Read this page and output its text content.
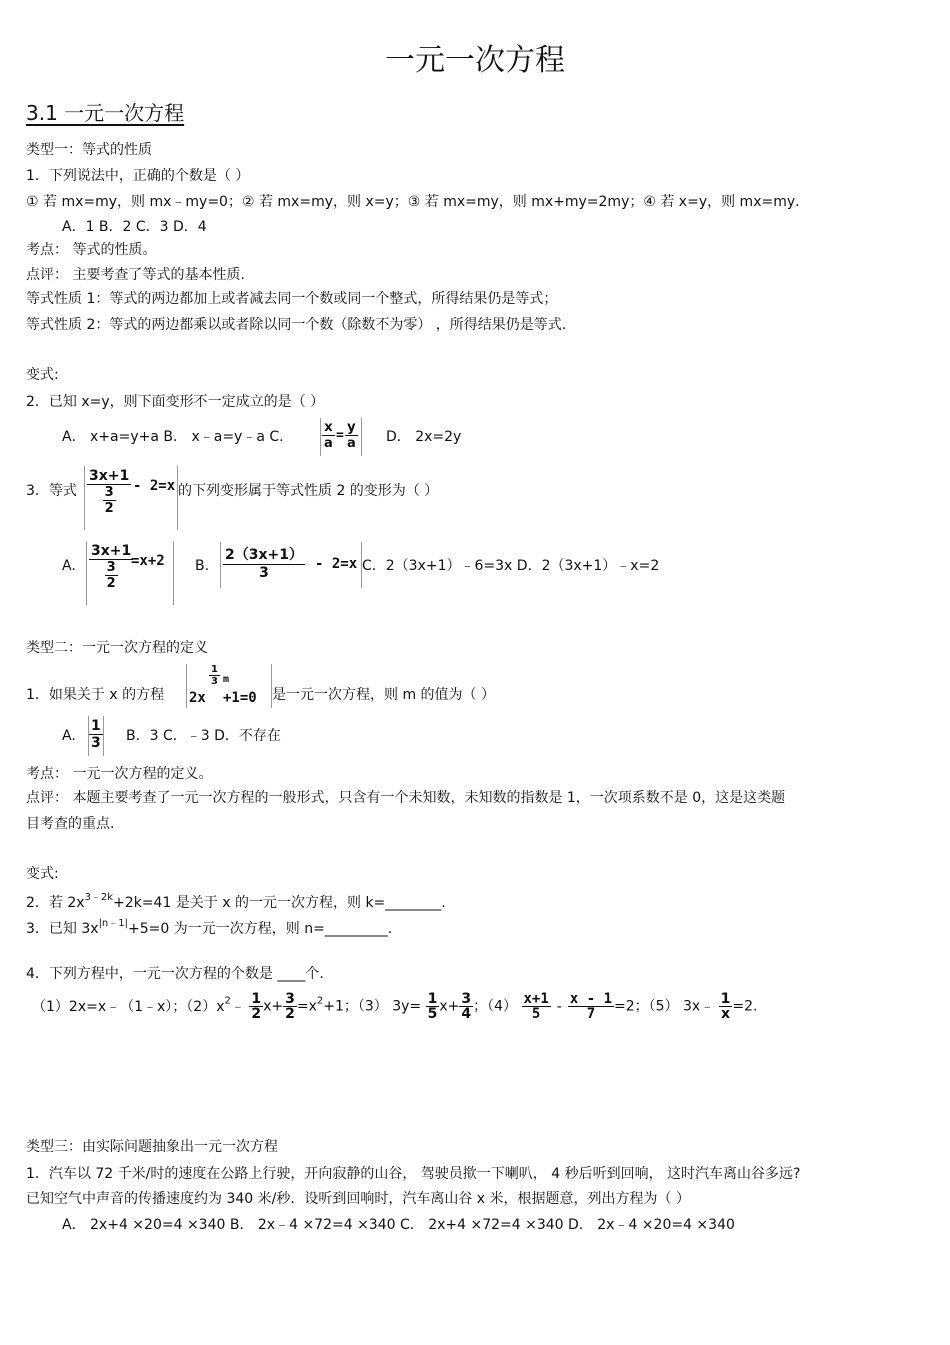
一元一次方程
3.1 一元一次方程
类型一：等式的性质
1．下列说法中，正确的个数是（ ）
① 若 mx=my，则 mx﹣my=0；② 若 mx=my，则 x=y；③ 若 mx=my，则 mx+my=2my；④ 若 x=y，则 mx=my．
A．1 B．2 C．3 D．4
考点： 等式的性质。
点评： 主要考查了等式的基本性质.
等式性质 1：等式的两边都加上或者减去同一个数或同一个整式，所得结果仍是等式；
等式性质 2：等式的两边都乘以或者除以同一个数（除数不为零） ，所得结果仍是等式.
变式:
2．已知 x=y，则下面变形不一定成立的是（ ）
A． x+a=y+a B． x﹣a=y﹣a C.	$\frac{x}{a} = \frac{y}{a}$ D． 2x=2y
3．等式 $\frac{3x+1}{\frac{3}{2}} - 2=x$ 的下列变形属于等式性质 2 的变形为（ ）
A. $\frac{3x+1}{\frac{3}{2}}$
=x+2 B. $\frac{2(3x+1)}{3} - 2=x$ C．2（3x+1）﹣6=3x D．2（3x+1）﹣x=2
类型二：一元一次方程的定义
1．如果关于 x 的方程 2x
$\frac{1}{3}$ m
+1=0 是一元一次方程，则 m 的值为（ ）
A. $\frac{1}{3}$ B．3 C．﹣3 D．不存在
考点： 一元一次方程的定义。
点评： 本题主要考查了一元一次方程的一般形式，只含有一个未知数，未知数的指数是 1，一次项系数不是 0，这是这类题
目考查的重点.
变式:
2．若 $2x^{3﹣2k}+2k=41$ 是关于 x 的一元一次方程，则 k=________.
3．已知 $3x^{|n﹣1|}+5=0$ 为一元一次方程，则 n=_________.
4．下列方程中，一元一次方程的个数是 ____个.
（1）2x=x﹣（1﹣x）；$(2)x^2﹣ \frac{1}{2} x+ \frac{3}{2} =x^2+1$；（3） $3y= \frac{1}{5} x+ \frac{3}{4}$ ；$(4) \frac{x+1}{5} - \frac{x - 1}{7} =2$；（5） 3x﹣ $\frac{1}{x} =2$.
类型三：由实际问题抽象出一元一次方程
1．汽车以 72 千米/时的速度在公路上行驶，开向寂静的山谷， 驾驶员揿一下喇叭， 4 秒后听到回响， 这时汽车离山谷多远?
已知空气中声音的传播速度约为 340 米/秒．设听到回响时，汽车离山谷 x 米，根据题意，列出方程为（ ）
A． 2x+4 ×20=4 ×340 B． 2x﹣4 ×72=4 ×340 C． 2x+4 ×72=4 ×340 D． 2x﹣4 ×20=4 ×340
